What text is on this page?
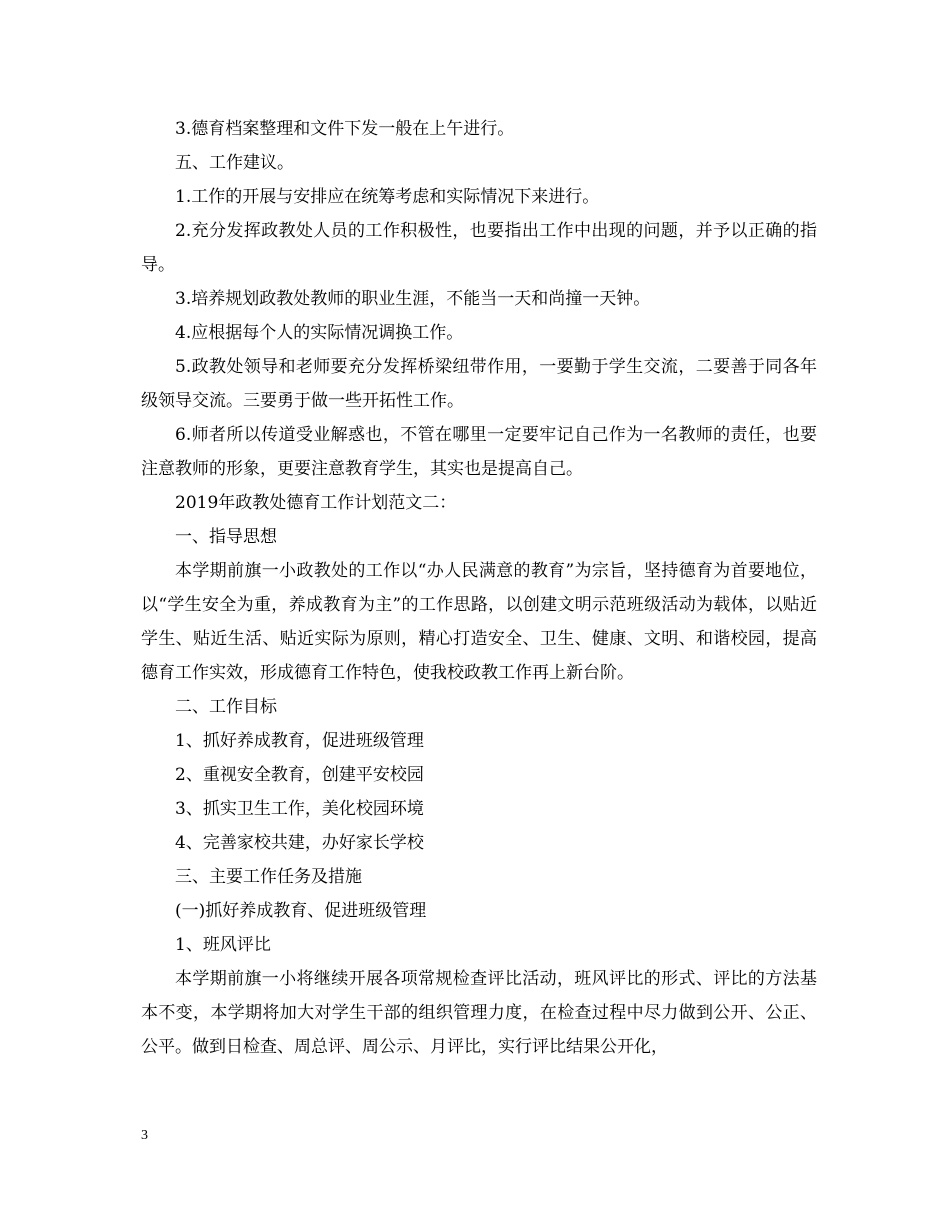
3.德育档案整理和文件下发一般在上午进行。

五、工作建议。

1.工作的开展与安排应在统筹考虑和实际情况下来进行。

2.充分发挥政教处人员的工作积极性，也要指出工作中出现的问题，并予以正确的指导。

3.培养规划政教处教师的职业生涯，不能当一天和尚撞一天钟。

4.应根据每个人的实际情况调换工作。

5.政教处领导和老师要充分发挥桥梁纽带作用，一要勤于学生交流，二要善于同各年级领导交流。三要勇于做一些开拓性工作。

6.师者所以传道受业解惑也，不管在哪里一定要牢记自己作为一名教师的责任，也要注意教师的形象，更要注意教育学生，其实也是提高自己。

2019年政教处德育工作计划范文二：

一、指导思想

本学期前旗一小政教处的工作以“办人民满意的教育”为宗旨，坚持德育为首要地位，以“学生安全为重，养成教育为主”的工作思路，以创建文明示范班级活动为载体，以贴近学生、贴近生活、贴近实际为原则，精心打造安全、卫生、健康、文明、和谐校园，提高德育工作实效，形成德育工作特色，使我校政教工作再上新台阶。

二、工作目标

1、抓好养成教育，促进班级管理

2、重视安全教育，创建平安校园

3、抓实卫生工作，美化校园环境

4、完善家校共建，办好家长学校

三、主要工作任务及措施

(一)抓好养成教育、促进班级管理

1、班风评比

本学期前旗一小将继续开展各项常规检查评比活动，班风评比的形式、评比的方法基本不变，本学期将加大对学生干部的组织管理力度，在检查过程中尽力做到公开、公正、公平。做到日检查、周总评、周公示、月评比，实行评比结果公开化，

3
